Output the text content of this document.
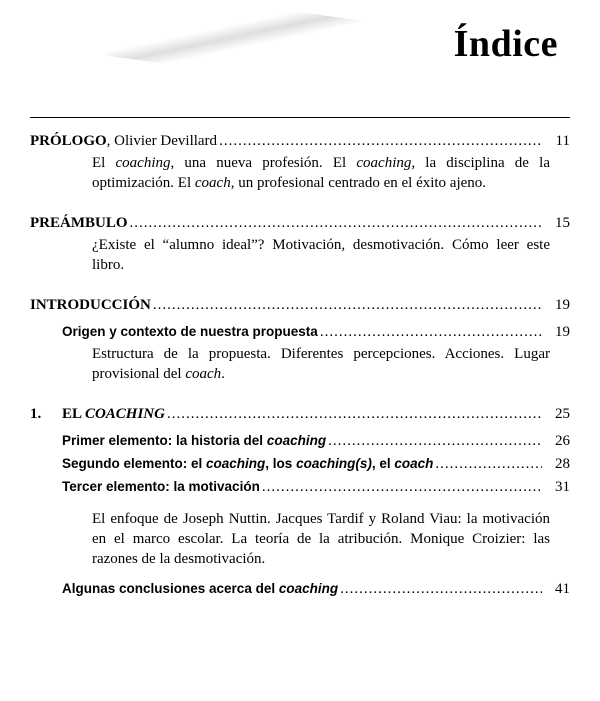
Índice
PRÓLOGO, Olivier Devillard .....	11
El coaching, una nueva profesión. El coaching, la disciplina de la optimización. El coach, un profesional centrado en el éxito ajeno.
PREÁMBULO .....	15
¿Existe el “alumno ideal”? Motivación, desmotivación. Cómo leer este libro.
INTRODUCCIÓN .....	19
Origen y contexto de nuestra propuesta .....	19
Estructura de la propuesta. Diferentes percepciones. Acciones. Lugar provisional del coach.
1. EL COACHING .....	25
Primer elemento: la historia del coaching .....	26
Segundo elemento: el coaching, los coaching(s), el coach .....	28
Tercer elemento: la motivación .....	31
El enfoque de Joseph Nuttin. Jacques Tardif y Roland Viau: la motivación en el marco escolar. La teoría de la atribución. Monique Croizier: las razones de la desmotivación.
Algunas conclusiones acerca del coaching .....	41
